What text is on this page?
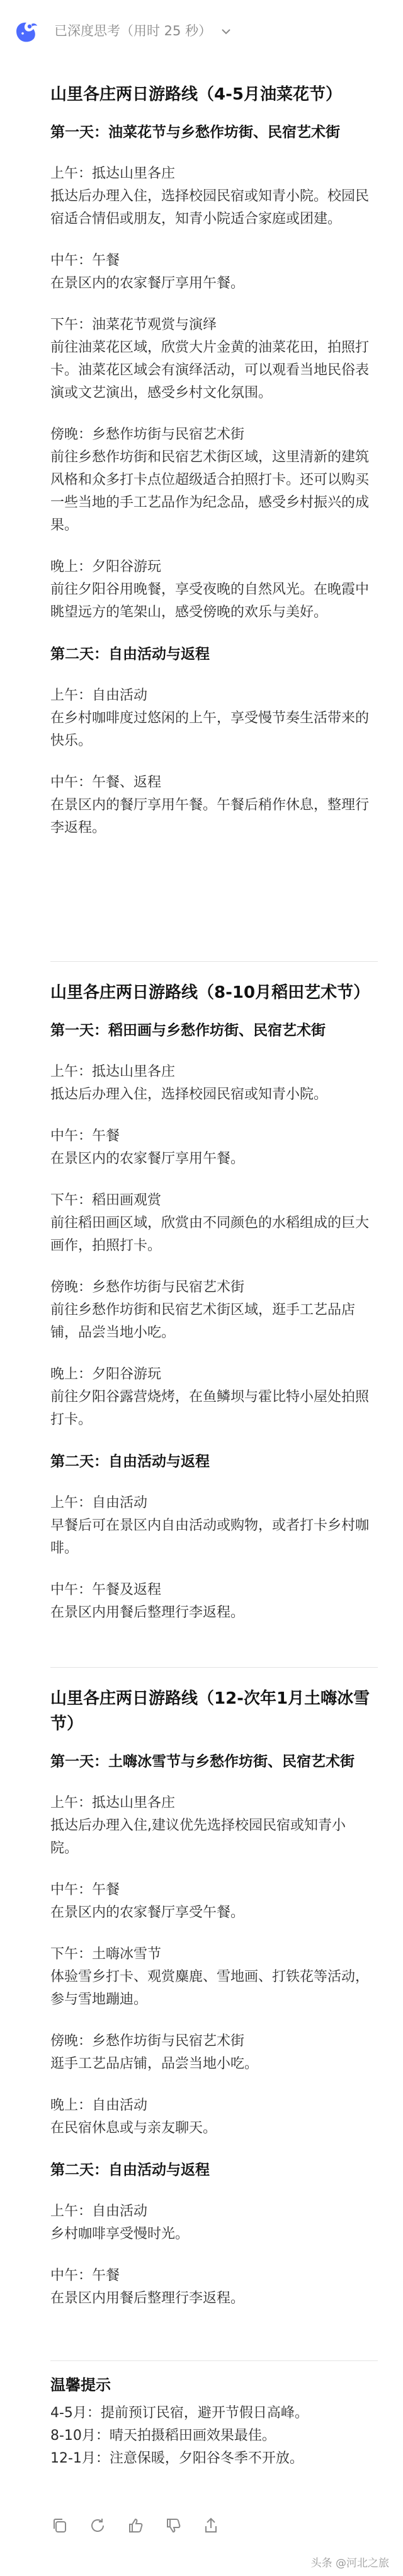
已深度思考（用时 25 秒）
山里各庄两日游路线（4-5月油菜花节）
第一天：油菜花节与乡愁作坊街、民宿艺术街

上午：抵达山里各庄

抵达后办理入住，选择校园民宿或知青小院。校园民宿适合情侣或朋友，知青小院适合家庭或团建。

中午：午餐

在景区内的农家餐厅享用午餐。

下午：油菜花节观赏与演绎

前往油菜花区域，欣赏大片金黄的油菜花田，拍照打卡。油菜花区域会有演绎活动，可以观看当地民俗表演或文艺演出，感受乡村文化氛围。

傍晚：乡愁作坊街与民宿艺术街

前往乡愁作坊街和民宿艺术街区域，这里清新的建筑风格和众多打卡点位超级适合拍照打卡。还可以购买一些当地的手工艺品作为纪念品，感受乡村振兴的成果。

晚上：夕阳谷游玩

前往夕阳谷用晚餐，享受夜晚的自然风光。在晚霞中眺望远方的笔架山，感受傍晚的欢乐与美好。

第二天：自由活动与返程

上午：自由活动

在乡村咖啡度过悠闲的上午，享受慢节奏生活带来的快乐。

中午：午餐、返程

在景区内的餐厅享用午餐。午餐后稍作休息，整理行李返程。

山里各庄两日游路线（8-10月稻田艺术节）
第一天：稻田画与乡愁作坊街、民宿艺术街

上午：抵达山里各庄

抵达后办理入住，选择校园民宿或知青小院。

中午：午餐

在景区内的农家餐厅享用午餐。

下午：稻田画观赏

前往稻田画区域，欣赏由不同颜色的水稻组成的巨大画作，拍照打卡。

傍晚：乡愁作坊街与民宿艺术街

前往乡愁作坊街和民宿艺术街区域，逛手工艺品店铺，品尝当地小吃。

晚上：夕阳谷游玩

前往夕阳谷露营烧烤，在鱼鳞坝与霍比特小屋处拍照打卡。

第二天：自由活动与返程

上午：自由活动

早餐后可在景区内自由活动或购物，或者打卡乡村咖啡。

中午：午餐及返程

在景区内用餐后整理行李返程。

山里各庄两日游路线（12-次年1月土嗨冰雪节）
第一天：土嗨冰雪节与乡愁作坊街、民宿艺术街

上午：抵达山里各庄

抵达后办理入住,建议优先选择校园民宿或知青小院。

中午：午餐

在景区内的农家餐厅享受午餐。

下午：土嗨冰雪节

体验雪乡打卡、观赏麋鹿、雪地画、打铁花等活动，参与雪地蹦迪。

傍晚：乡愁作坊街与民宿艺术街

逛手工艺品店铺，品尝当地小吃。

晚上：自由活动

在民宿休息或与亲友聊天。

第二天：自由活动与返程

上午：自由活动

乡村咖啡享受慢时光。

中午：午餐

在景区内用餐后整理行李返程。

温馨提示

4-5月：提前预订民宿，避开节假日高峰。

8-10月：晴天拍摄稻田画效果最佳。

12-1月：注意保暖，夕阳谷冬季不开放。

头条 @河北之旅
